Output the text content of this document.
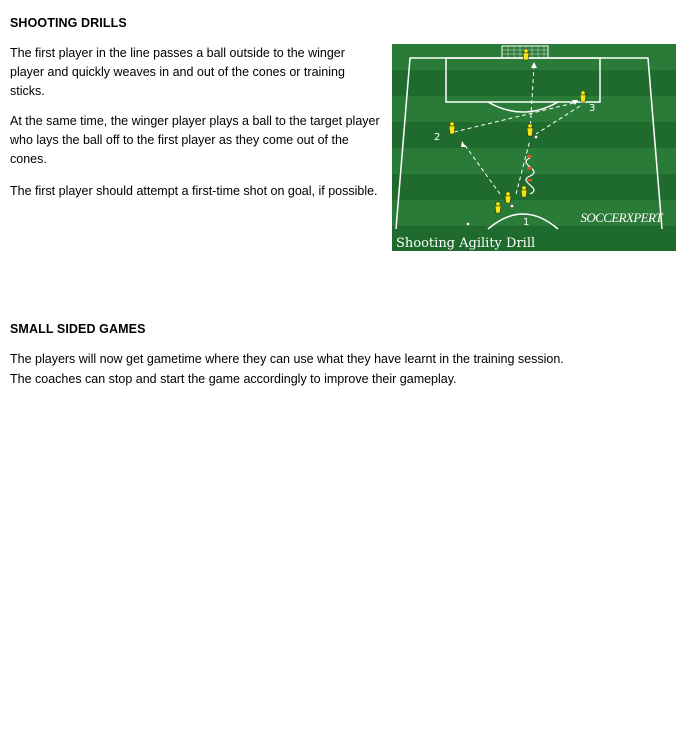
SHOOTING DRILLS

The first player in the line passes a ball outside to the winger player and quickly weaves in and out of the cones or training sticks.

At the same time, the winger player plays a ball to the target player who lays the ball off to the first player as they come out of the cones.

The first player should attempt a first-time shot on goal, if possible.

2
3
1	SOCCERXPERT
Shooting Agility Drill
SMALL SIDED GAMES

The players will now get gametime where they can use what they have learnt in the training session.

The coaches can stop and start the game accordingly to improve their gameplay.
